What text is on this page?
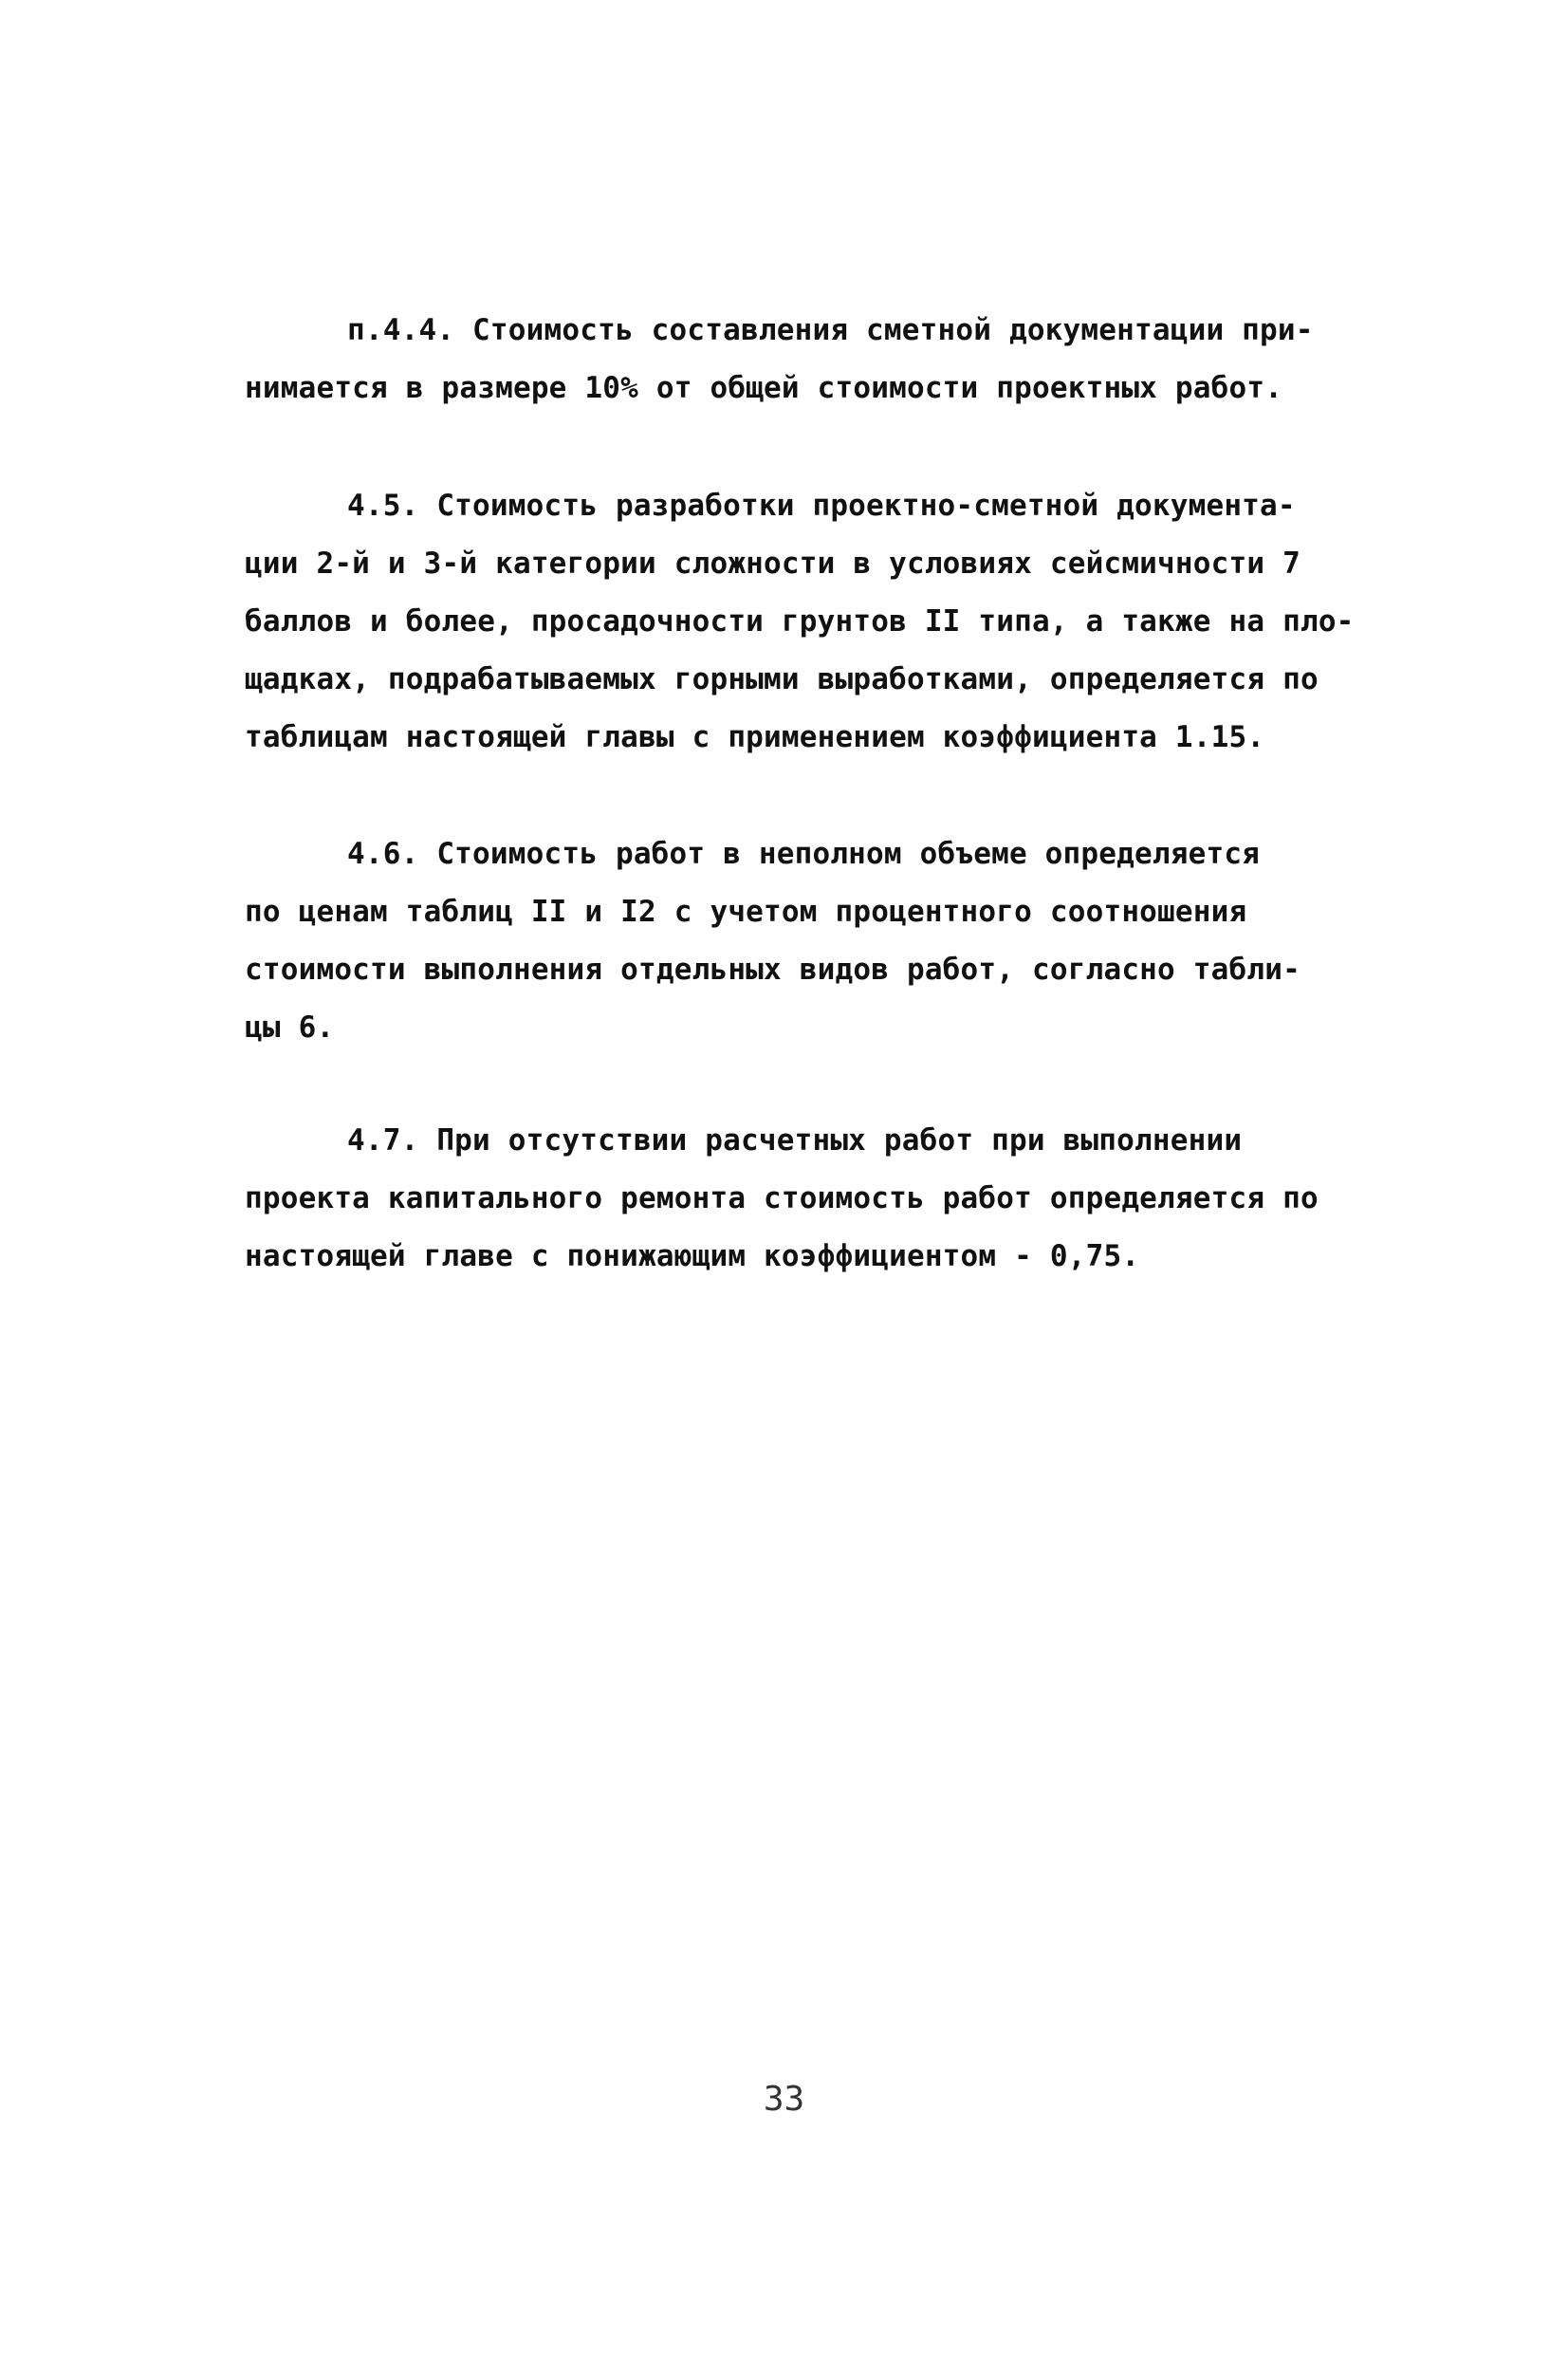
п.4.4. Стоимость составления сметной документации при-
нимается в размере 10% от общей стоимости проектных работ.

4.5. Стоимость разработки проектно-сметной документа-
ции 2-й и 3-й категории сложности в условиях сейсмичности 7
баллов и более, просадочности грунтов II типа, а также на пло-
щадках, подрабатываемых горными выработками, определяется по
таблицам настоящей главы с применением коэффициента 1.15.

4.6. Стоимость работ в неполном объеме определяется
по ценам таблиц II и I2 с учетом процентного соотношения
стоимости выполнения отдельных видов работ, согласно табли-
цы 6.

4.7. При отсутствии расчетных работ при выполнении
проекта капитального ремонта стоимость работ определяется по
настоящей главе с понижающим коэффициентом - 0,75.

33
